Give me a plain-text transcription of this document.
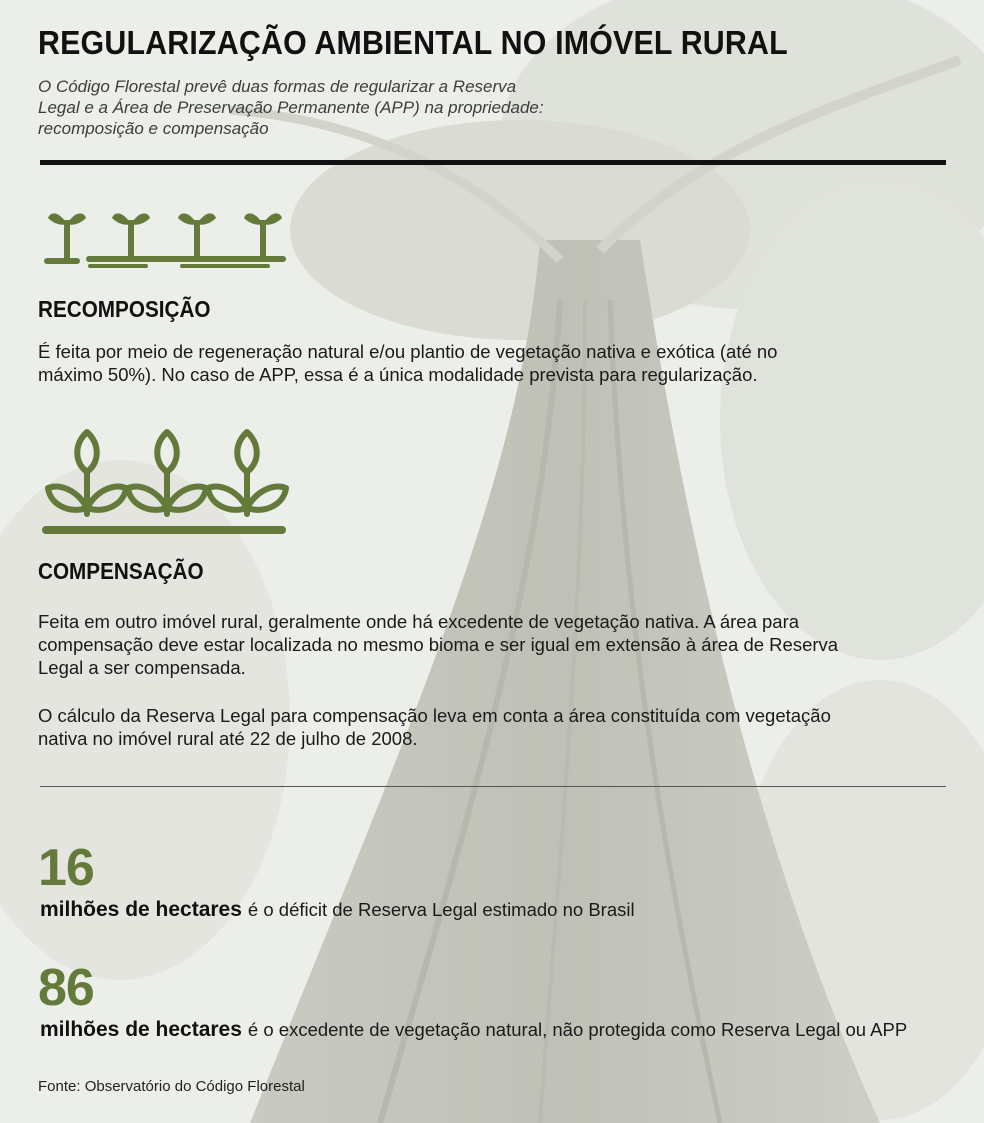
REGULARIZAÇÃO AMBIENTAL NO IMÓVEL RURAL
O Código Florestal prevê duas formas de regularizar a Reserva
Legal e a Área de Preservação Permanente (APP) na propriedade:
recomposição e compensação
RECOMPOSIÇÃO
É feita por meio de regeneração natural e/ou plantio de vegetação nativa e exótica (até no
máximo 50%). No caso de APP, essa é a única modalidade prevista para regularização.
COMPENSAÇÃO
Feita em outro imóvel rural, geralmente onde há excedente de vegetação nativa. A área para
compensação deve estar localizada no mesmo bioma e ser igual em extensão à área de Reserva
Legal a ser compensada.
O cálculo da Reserva Legal para compensação leva em conta a área constituída com vegetação
nativa no imóvel rural até 22 de julho de 2008.
16
milhões de hectares é o déficit de Reserva Legal estimado no Brasil
86
milhões de hectares é o excedente de vegetação natural, não protegida como Reserva Legal ou APP
Fonte: Observatório do Código Florestal
